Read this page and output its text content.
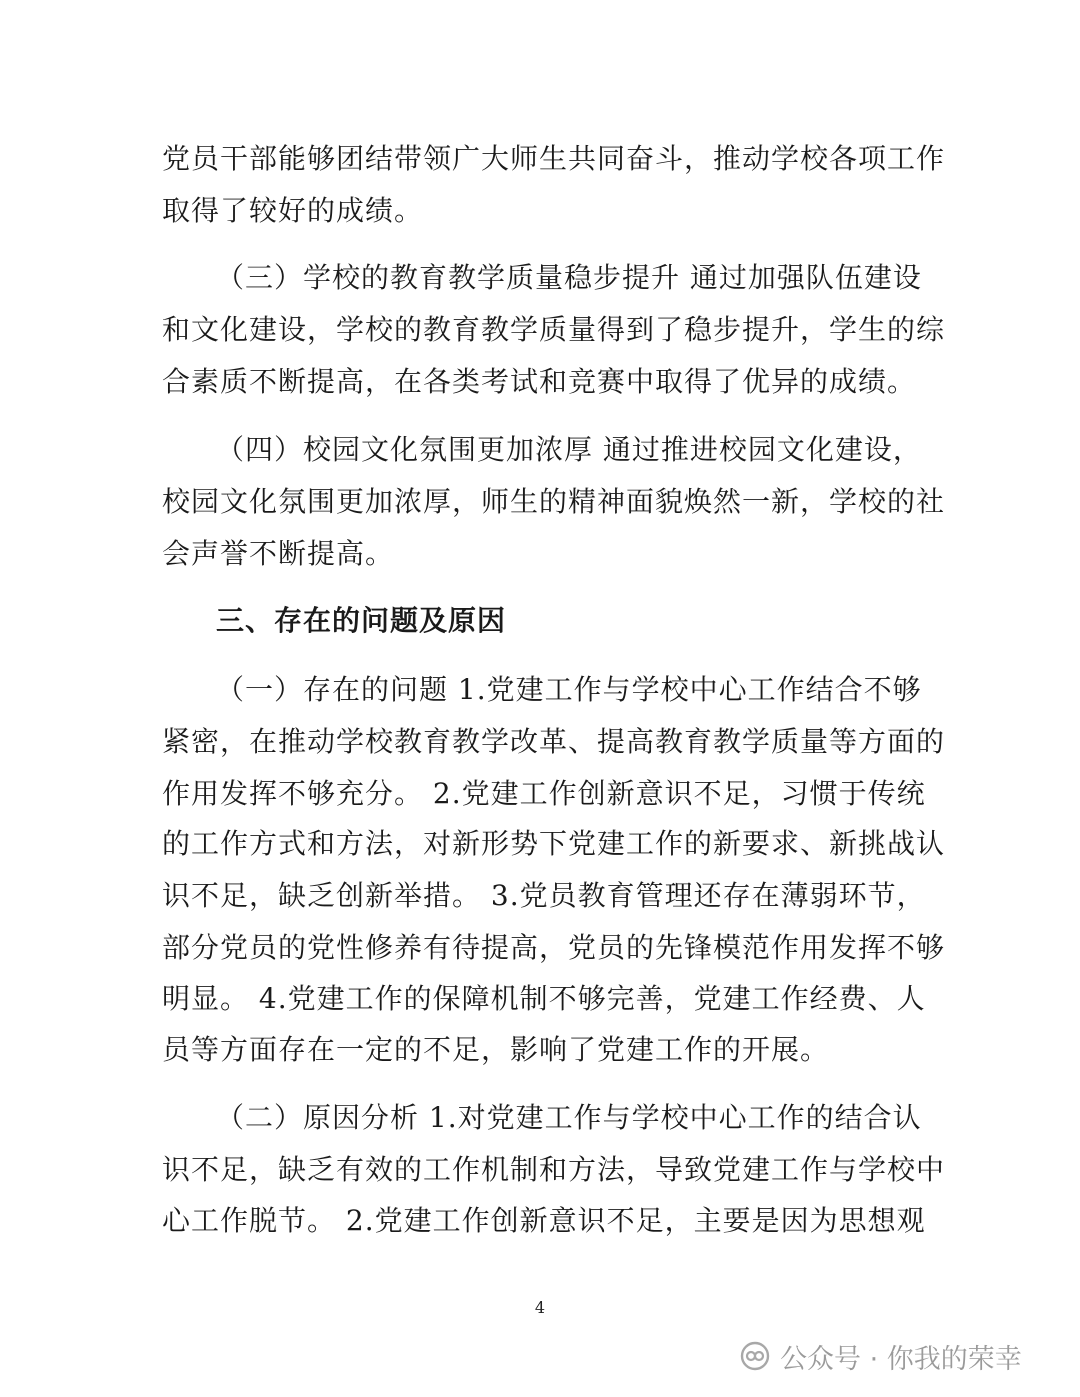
党员干部能够团结带领广大师生共同奋斗，推动学校各项工作
取得了较好的成绩。
（三）学校的教育教学质量稳步提升 通过加强队伍建设
和文化建设，学校的教育教学质量得到了稳步提升，学生的综
合素质不断提高，在各类考试和竞赛中取得了优异的成绩。
（四）校园文化氛围更加浓厚 通过推进校园文化建设，
校园文化氛围更加浓厚，师生的精神面貌焕然一新，学校的社
会声誉不断提高。
三、存在的问题及原因
（一）存在的问题 1.党建工作与学校中心工作结合不够
紧密，在推动学校教育教学改革、提高教育教学质量等方面的
作用发挥不够充分。 2.党建工作创新意识不足，习惯于传统
的工作方式和方法，对新形势下党建工作的新要求、新挑战认
识不足，缺乏创新举措。 3.党员教育管理还存在薄弱环节，
部分党员的党性修养有待提高，党员的先锋模范作用发挥不够
明显。 4.党建工作的保障机制不够完善，党建工作经费、人
员等方面存在一定的不足，影响了党建工作的开展。
（二）原因分析 1.对党建工作与学校中心工作的结合认
识不足，缺乏有效的工作机制和方法，导致党建工作与学校中
心工作脱节。 2.党建工作创新意识不足，主要是因为思想观
4
公众号 · 你我的荣幸
